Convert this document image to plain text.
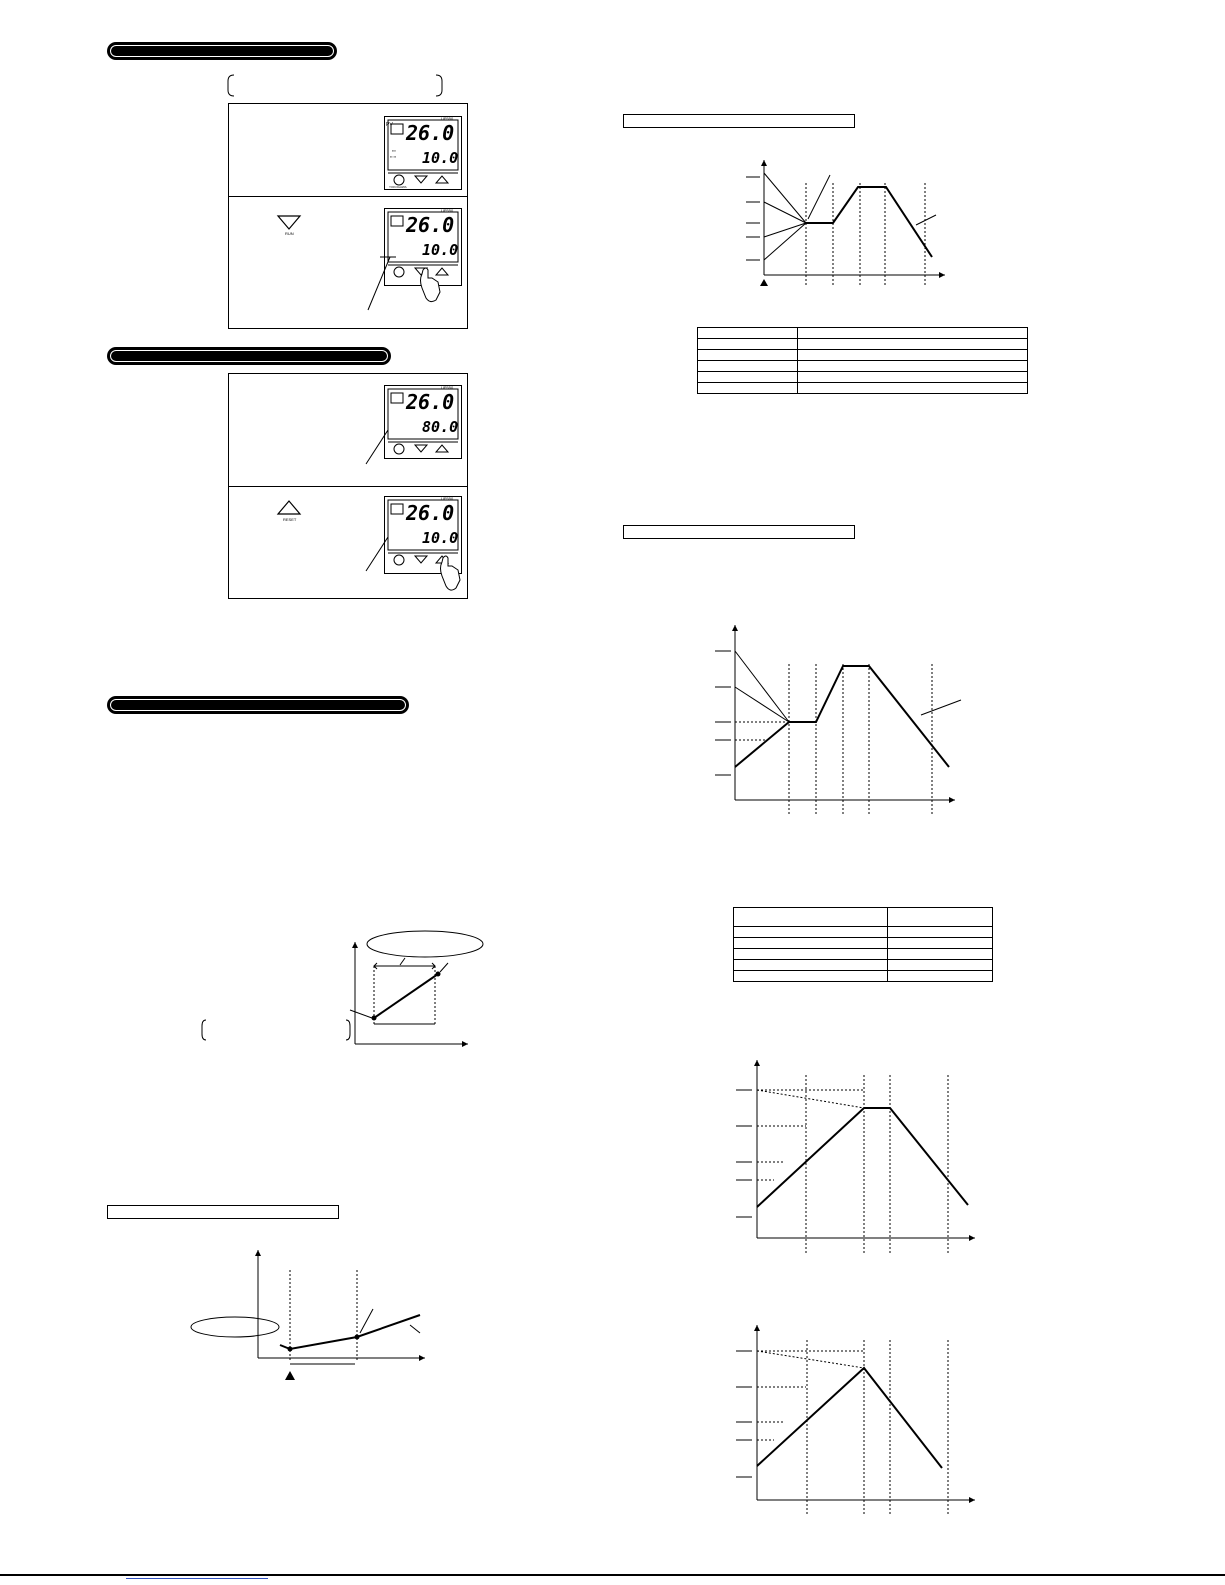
PV
UP550
26.0
10.0
▪▪▪
▪▪ ▪▪
YOKOGAWA
RUN
UP550
26.0
10.0
UP550
26.0
80.0
RESET
UP550
26.0
10.0
